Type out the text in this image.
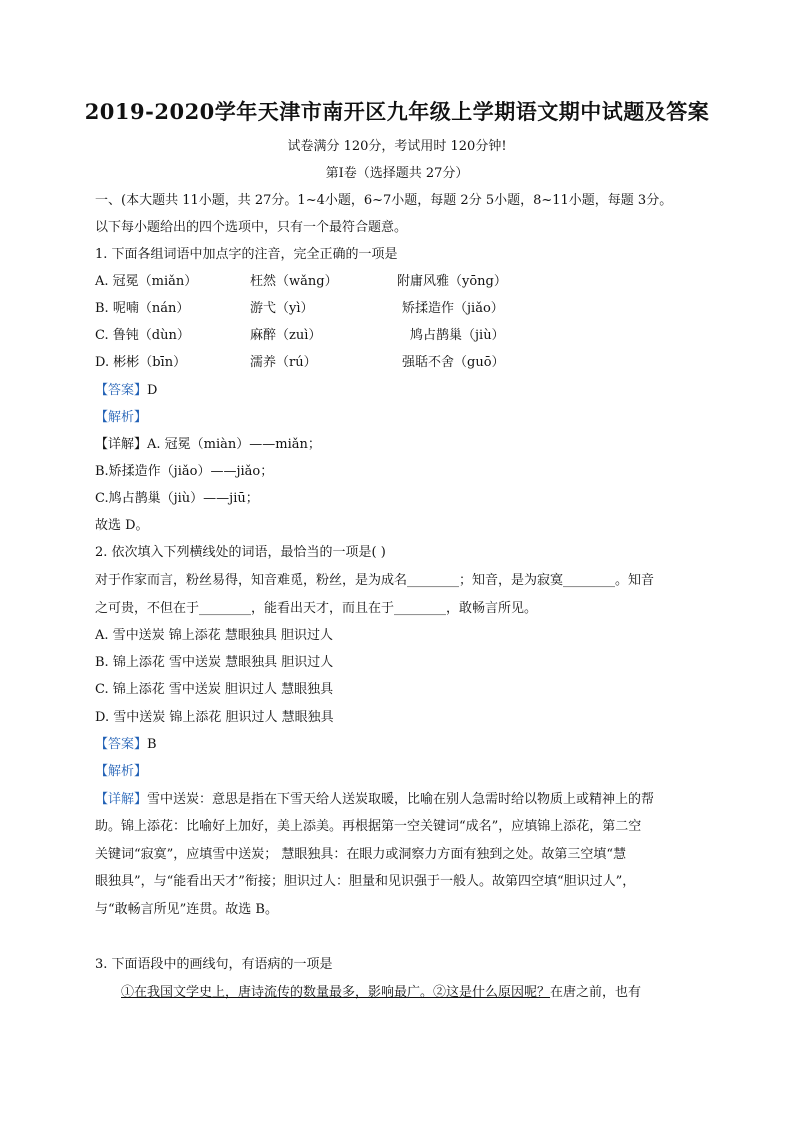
2019-2020学年天津市南开区九年级上学期语文期中试题及答案
试卷满分 120分，考试用时 120分钟!
第Ⅰ卷（选择题共 27分）
一、(本大题共 11小题，共 27分。1~4小题，6~7小题，每题 2分 5小题，8~11小题，每题 3分。
以下每小题给出的四个选项中，只有一个最符合题意。
1. 下面各组词语中加点字的注音，完全正确的一项是
A. 冠冕（miǎn）	枉然（wǎng）	附庸风雅（yōng）
B. 呢喃（nán）	游弋（yì）	矫揉造作（jiǎo）
C. 鲁钝（dùn）	麻醉（zuì）	鸠占鹊巢（jiù）
D. 彬彬（bīn）	濡养（rú）	强聒不舍（guō）
【答案】D
【解析】
【详解】A. 冠冕（miàn）——miǎn；
B.矫揉造作（jiǎo）——jiǎo；
C.鸠占鹊巢（jiù）——jiū；
故选 D。
2. 依次填入下列横线处的词语，最恰当的一项是( )
对于作家而言，粉丝易得，知音难觅，粉丝，是为成名________；知音，是为寂寞________。知音
之可贵，不但在于________，能看出天才，而且在于________，敢畅言所见。
A. 雪中送炭 锦上添花 慧眼独具 胆识过人
B. 锦上添花 雪中送炭 慧眼独具 胆识过人
C. 锦上添花 雪中送炭 胆识过人 慧眼独具
D. 雪中送炭 锦上添花 胆识过人 慧眼独具
【答案】B
【解析】
【详解】雪中送炭：意思是指在下雪天给人送炭取暖，比喻在别人急需时给以物质上或精神上的帮
助。锦上添花：比喻好上加好，美上添美。再根据第一空关键词“成名”，应填锦上添花，第二空
关键词“寂寞”，应填雪中送炭； 慧眼独具：在眼力或洞察力方面有独到之处。故第三空填“慧
眼独具”，与“能看出天才”衔接；胆识过人：胆量和见识强于一般人。故第四空填“胆识过人”，
与“敢畅言所见”连贯。故选 B。
3. 下面语段中的画线句，有语病的一项是
①在我国文学史上，唐诗流传的数量最多，影响最广。②这是什么原因呢？在唐之前，也有
